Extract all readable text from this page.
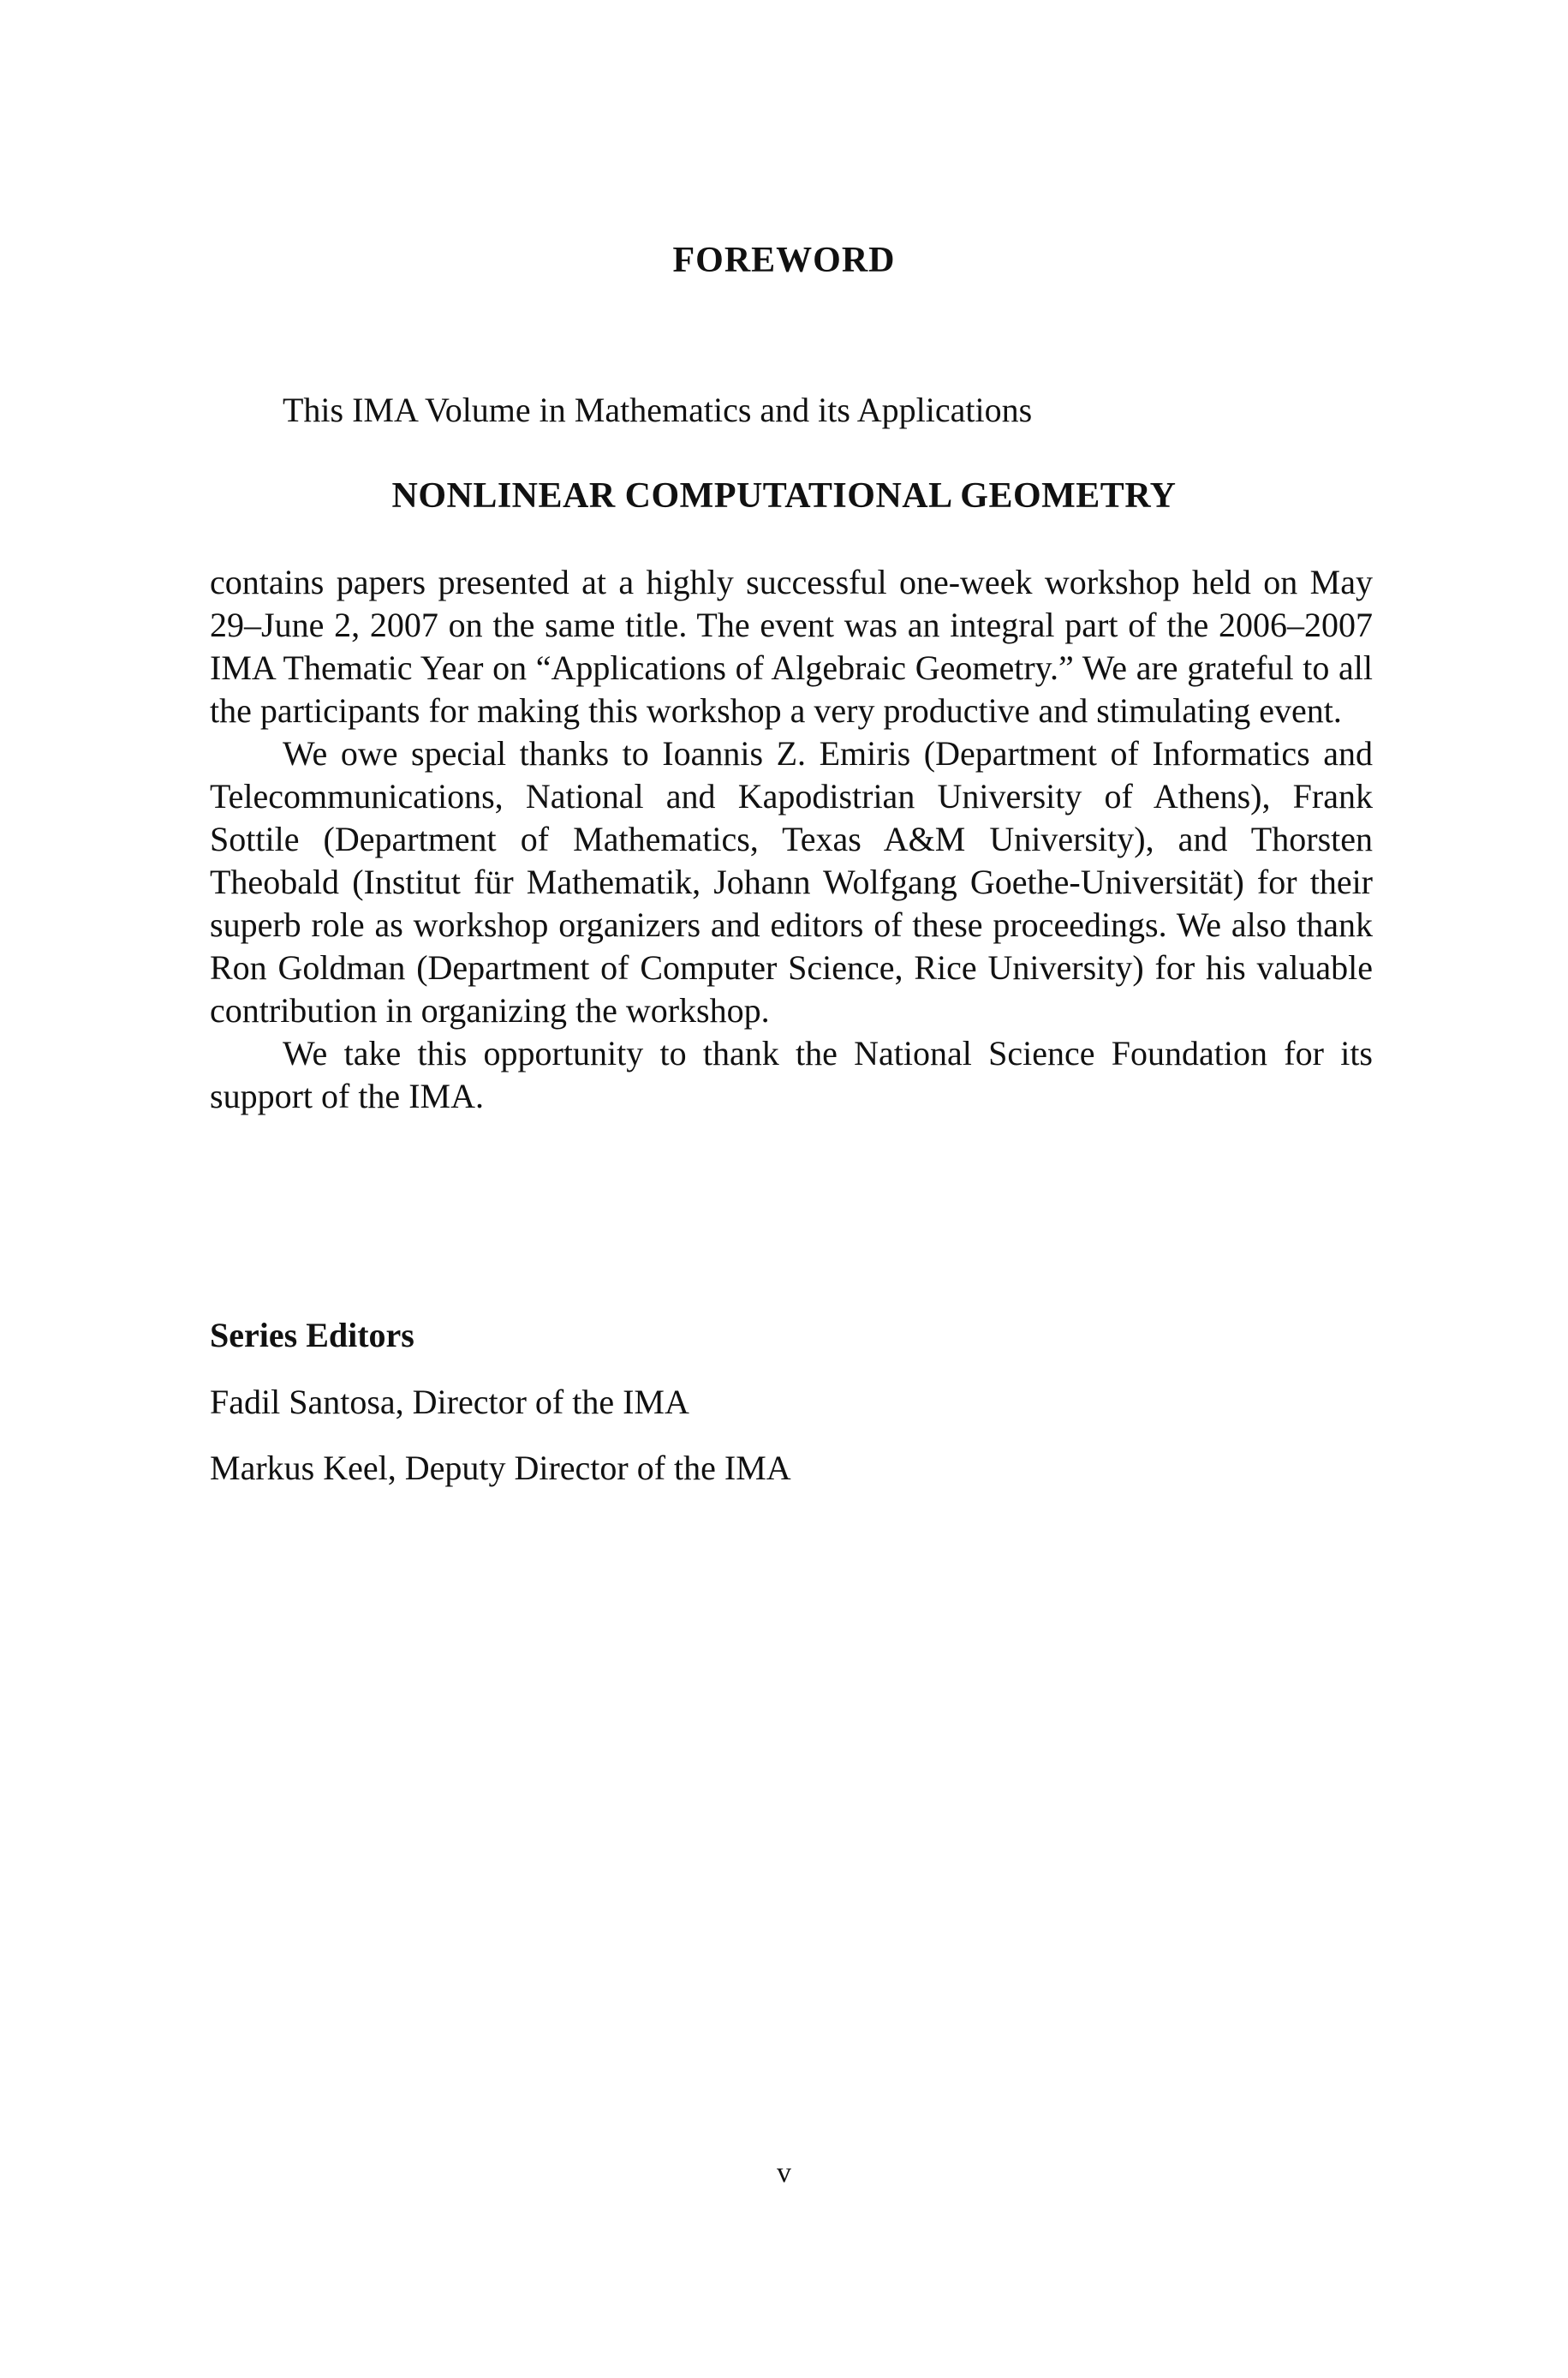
FOREWORD

This IMA Volume in Mathematics and its Applications

NONLINEAR COMPUTATIONAL GEOMETRY

contains papers presented at a highly successful one-week workshop held on May 29–June 2, 2007 on the same title. The event was an integral part of the 2006–2007 IMA Thematic Year on “Applications of Algebraic Geometry.” We are grateful to all the participants for making this workshop a very productive and stimulating event.

We owe special thanks to Ioannis Z. Emiris (Department of Informatics and Telecommunications, National and Kapodistrian University of Athens), Frank Sottile (Department of Mathematics, Texas A&M University), and Thorsten Theobald (Institut für Mathematik, Johann Wolfgang Goethe-Universität) for their superb role as workshop organizers and editors of these proceedings. We also thank Ron Goldman (Department of Computer Science, Rice University) for his valuable contribution in organizing the workshop.

We take this opportunity to thank the National Science Foundation for its support of the IMA.

Series Editors

Fadil Santosa, Director of the IMA

Markus Keel, Deputy Director of the IMA

v
